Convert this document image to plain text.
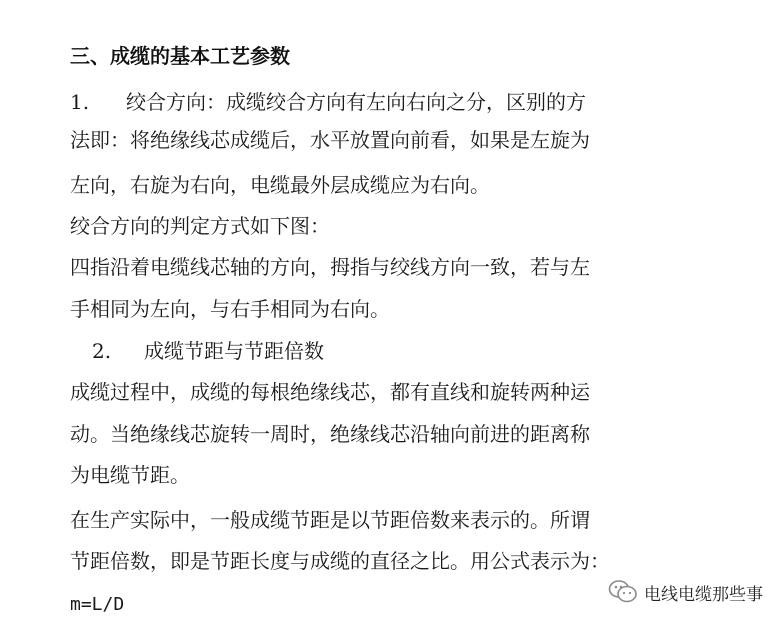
三、成缆的基本工艺参数

1. 绞合方向：成缆绞合方向有左向右向之分，区别的方

法即：将绝缘线芯成缆后，水平放置向前看，如果是左旋为

左向，右旋为右向，电缆最外层成缆应为右向。

绞合方向的判定方式如下图：

四指沿着电缆线芯轴的方向，拇指与绞线方向一致，若与左

手相同为左向，与右手相同为右向。

2. 成缆节距与节距倍数

成缆过程中，成缆的每根绝缘线芯，都有直线和旋转两种运

动。当绝缘线芯旋转一周时，绝缘线芯沿轴向前进的距离称

为电缆节距。

在生产实际中，一般成缆节距是以节距倍数来表示的。所谓

节距倍数，即是节距长度与成缆的直径之比。用公式表示为：

m=L/D	电线电缆那些事
